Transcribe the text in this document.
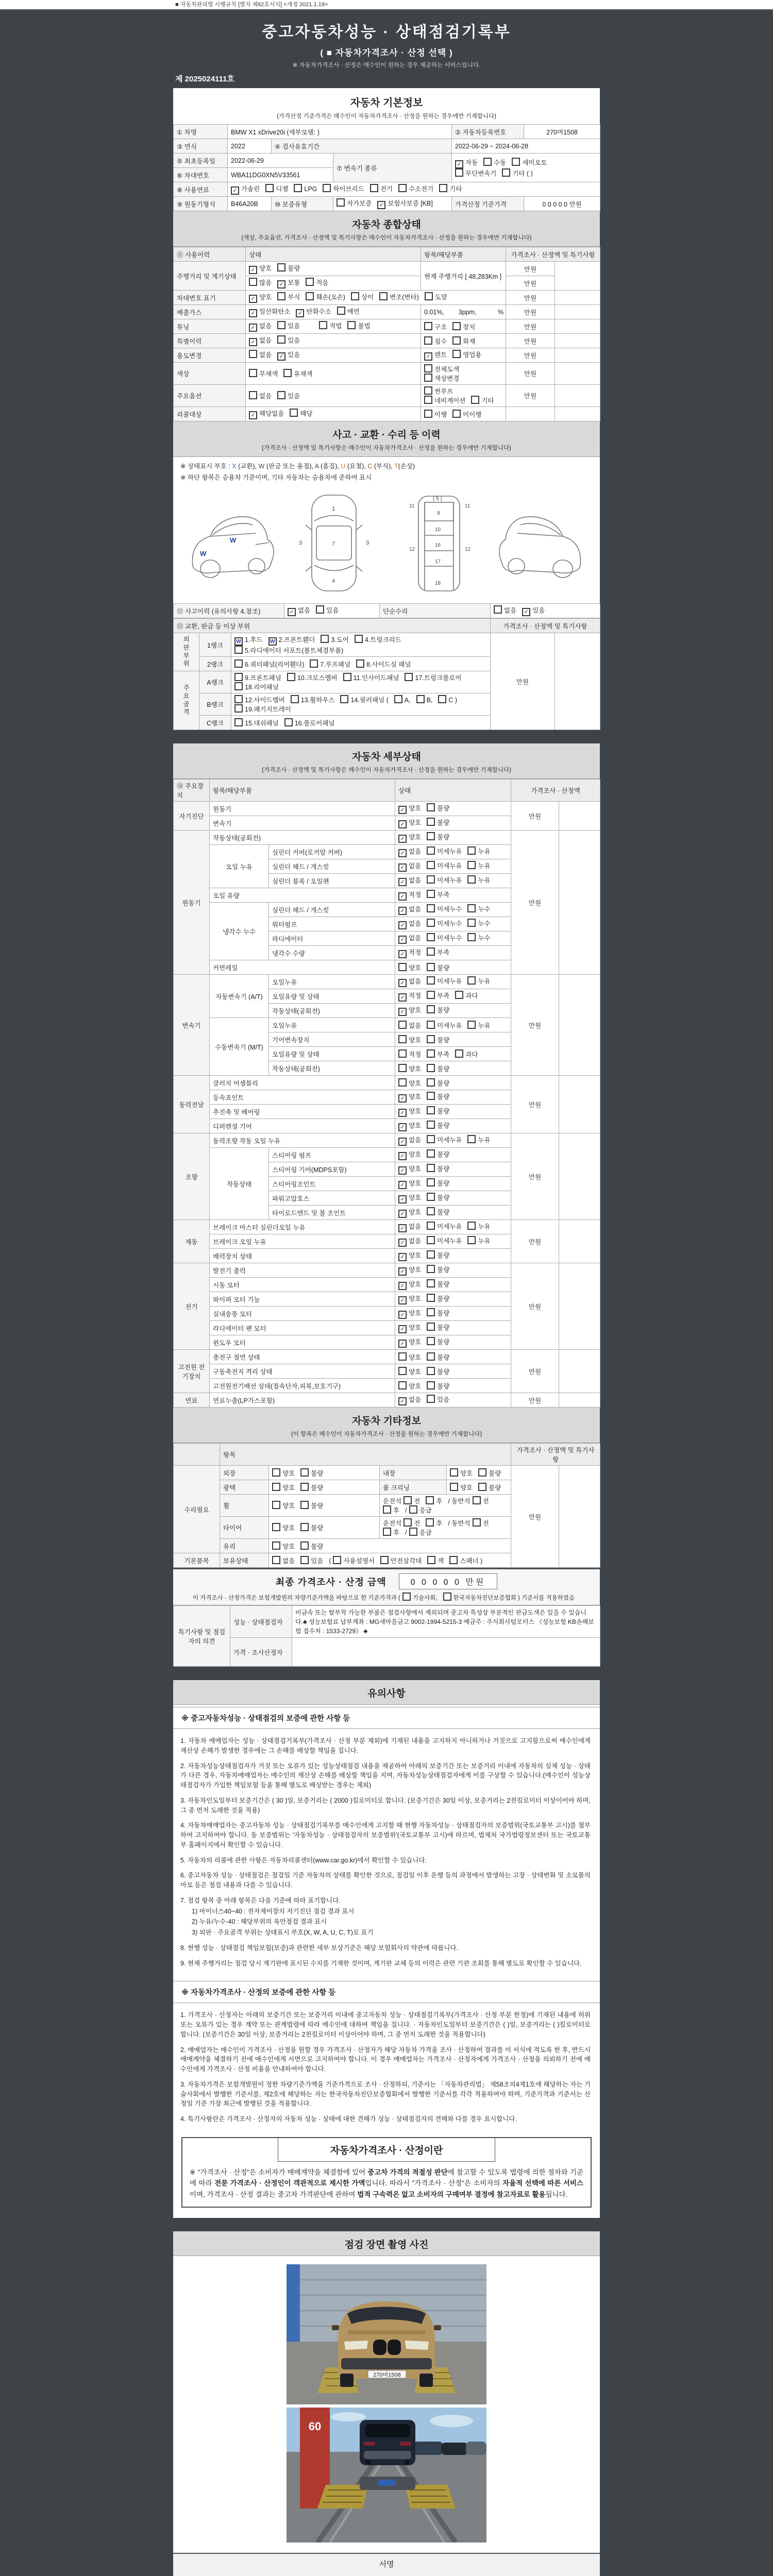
■ 자동차관리법 시행규칙 [별지 제82호서식] <개정 2021.1.19>
중고자동차성능 · 상태점검기록부
( ■ 자동차가격조사 · 산정 선택 )
※ 자동차가격조사 · 산정은 매수인이 원하는 경우 제공하는 서비스입니다.
제 2025024111호
자동차 기본정보
(가격산정 기준가격은 매수인이 자동차가격조사 · 산정을 원하는 경우에만 기재합니다)
① 차명	BMW X1 xDrive20i (세부모델: )			② 자동차등록번호	270머1508
③ 연식	2022	④ 검사유효기간		2022-06-29 ~ 2024-06-28	
⑤ 최초등록일	2022-06-29		⑦ 변속기 종류	✓ 자동 수동 세미오토
무단변속기 기타 ( )	

⑥ 차대번호	WBA11DG0XN5V33561				
⑧ 사용연료	✓ 가솔린 디젤 LPG 하이브리드 전기 수소전기 기타				
⑨ 원동기형식	B46A20B	⑩ 보증유형	자가보증 ✓ 보험사보증 [KB]	가격산정 기준가격	0 0 0 0 0 만원
자동차 종합상태
(색상, 주요옵션, 가격조사 · 산정액 및 특기사항은 매수인이 자동차가격조사 · 산정을 원하는 경우에만 기재합니다)
⑪ 사용이력	상태	항목/해당부품	가격조사 · 산정액 및 특기사항	
주행거리 및 계기상태	✓ 양호 불량	현재 주행거리 [ 48,283Km ]	만원	
	많음 ✓ 보통 적음		만원	
차대번호 표기	✓ 양호 부식 훼손(오손) 상이 변조(변타) 도말		만원	
배출가스	✓ 일산화탄소 ✓ 탄화수소 매연	0.01%,        3ppm,            %	만원	
튜닝	✓ 없음 있음 적법 불법	구조 장치	만원	
특별이력	✓ 없음 있음	침수 화재	만원	
용도변경	없음 ✓ 있음	✓ 렌트 영업용	만원	
색상	무채색 유채색	전체도색색상변경	만원	
주요옵션	없음 있음	썬루프네비게이션 기타	만원	
리콜대상	✓ 해당없음 해당	이행 미이행		
사고 · 교환 · 수리 등 이력
(가격조사 · 산정액 및 특기사항은 매수인이 자동차가격조사 · 산정을 원하는 경우에만 기재합니다)
※ 상태표시 부호 : X (교환), W (판금 또는 용접), A (흠집), U (요철), C (부식), T(손상)
※ 하단 항목은 승용차 기준이며, 기타 자동차는 승용차에 준하여 표시
W
W
1
7
4
3	3
11
( 5 )
11
9
10
16
17
12	12
18
⑫ 사고이력 (유의사항 4.참조)	✓ 없음 있음	단순수리	없음 ✓ 있음
⑬ 교환, 판금 등 이상 부위			가격조사 · 산정액 및 특기사항	

외판부위	1랭크	W 1.후드 W 2.프론트휀더 3.도어 4.트렁크리드5.라디에이터 서포트(볼트체결부품)	만원	
	2랭크	6.쿼터패널(리어휀다) 7.루프패널 8.사이드실 패널		

주요골격	A랭크	9.프론트패널 10.크로스멤버 11.인사이드패널 17.트렁크플로어18.리어패널		
	B랭크	12.사이드멤버 13.휠하우스 14.필러패널 ( A, B, C )19.패키지트레이		
	C랭크	15.대쉬패널 16.플로어패널		
자동차 세부상태
(가격조사 · 산정액 및 특기사항은 매수인이 자동차가격조사 · 산정을 원하는 경우에만 기재합니다)
⑭ 주요장치	항목/해당부품		상태	가격조사 · 산정액	
자기진단	원동기		✓ 양호 불량	만원	
	변속기		✓ 양호 불량		
원동기	작동상태(공회전)		✓ 양호 불량	만원	
	오일 누유	실린더 커버(로커암 커버)	✓ 없음 미세누유 누유		
		실린더 헤드 / 개스킷	✓ 없음 미세누유 누유		
		실린더 블록 / 오일팬	✓ 없음 미세누유 누유		
	오일 유량		✓ 적정 부족		
	냉각수 누수	실린더 헤드 / 개스킷	✓ 없음 미세누수 누수		
		워터펌프	✓ 없음 미세누수 누수		
		라디에이터	✓ 없음 미세누수 누수		
		냉각수 수량	✓ 적정 부족		
	커먼레일		양호 불량		
변속기	자동변속기 (A/T)	오일누유	✓ 없음 미세누유 누유	만원	
		오일유량 및 상태	✓ 적정 부족 과다		
		작동상태(공회전)	✓ 양호 불량		
	수동변속기 (M/T)	오일누유	없음 미세누유 누유		
		기어변속장치	양호 불량		
		오일유량 및 상태	적정 부족 과다		
		작동상태(공회전)	양호 불량		
동력전달	클러치 어셈블리		양호 불량	만원	
	등속죠인트		✓ 양호 불량		
	추진축 및 베어링		✓ 양호 불량		
	디퍼렌셜 기어		✓ 양호 불량		
조향	동력조향 작동 오일 누유		✓ 없음 미세누유 누유	만원	
	작동상태	스티어링 펌프	✓ 양호 불량		
		스티어링 기어(MDPS포함)	✓ 양호 불량		
		스티어링조인트	✓ 양호 불량		
		파워고압호스	✓ 양호 불량		
		타이로드엔드 및 볼 조인트	✓ 양호 불량		
제동	브레이크 마스터 실린더오일 누유		✓ 없음 미세누유 누유	만원	
	브레이크 오일 누유		✓ 없음 미세누유 누유		
	배력장치 상태		✓ 양호 불량		
전기	발전기 출력		✓ 양호 불량	만원	
	시동 모터		✓ 양호 불량		
	와이퍼 모터 기능		✓ 양호 불량		
	실내송풍 모터		✓ 양호 불량		
	라디에이터 팬 모터		✓ 양호 불량		
	윈도우 모터		✓ 양호 불량		
고전원 전기장치	충전구 절연 상태		양호 불량	만원	
	구동축전지 격리 상태		양호 불량		
	고전원전기배선 상태(접속단자,피복,보호기구)		양호 불량		
연료	연료누출(LP가스포함)		✓ 없음 있음	만원	
자동차 기타정보
(이 항목은 매수인이 자동차가격조사 · 산정을 원하는 경우에만 기재합니다)
	항목				가격조사 · 산정액 및 특기사항	
수리필요	외장	양호 불량	내장	양호 불량	만원	
	광택	양호 불량	룸 크리닝	양호 불량		
	휠	양호 불량	운전석 전 후 / 동반석 전후 / 응급			
	타이어	양호 불량	운전석 전 후 / 동반석 전후 / 응급			
	유리	양호 불량				
기본품목	보유상태	없음 있음 ( 사용설명서 안전삼각대 잭 스패너 )				
최종 가격조사 · 산정 금액	0 0 0 0 0 만원
이 가격조사 · 산정가격은 보험개발원의 차량기준가액을 바탕으로 한 기준가격과 ( 기술사회,	한국자동차진단보증협회 ) 기준서를 적용하였음
특기사항 및 점검자의 의견	성능 · 상태점검자	비금속 또는 탈부착 가능한 부품은 점검사항에서 제외되며 중고차 특성상 부분적인 판금도색은 있을 수 있습니다.♣ 성능보험료 납부계좌 : MG새마을금고 9002-1994-5215-3 예금주 : 주식회사텀모터스 《성능보험 KB손해보험 접수처 : 1533-2729》 ♣
	가격 · 조사산정자	
유의사항
※ 중고자동차성능 · 상태점검의 보증에 관한 사항 등
1. 자동차 매매업자는 성능 · 상태점검기록부(가격조사 · 산정 부분 제외)에 기재된 내용을 고지하지 아니하거나 거짓으로 고지함으로써 매수인에게 재산상 손해가 발생한 경우에는 그 손해를 배상할 책임을 집니다.
2. 자동차성능상태점검자가 거짓 또는 오류가 있는 성능상태점검 내용을 제공하여 아래의 보증기간 또는 보증거리 이내에 자동차의 실제 성능 · 상태가 다른 경우, 자동차매매업자는 매수인의 재산상 손해를 배상할 책임을 지며, 자동차성능상태점검자에게 이를 구상할 수 있습니다.(매수인이 성능상태점검자가 가입한 책임보험 등을 통해 별도로 배상받는 경우는 제외)
3. 자동차인도일부터 보증기간은 ( 30 )일, 보증거리는 ( 2000 )킬로미터로 합니다. (보증기간은 30일 이상, 보증거리는 2천킬로미터 이상이어야 하며, 그 중 먼저 도래한 것을 적용)
4. 자동차매매업자는 중고자동차 성능 · 상태점검기록부를 매수인에게 고지할 때 현행 자동차성능 · 상태점검자의 보증범위(국토교통부 고시)를 첨부하여 고지하여야 합니다. 동 보증범위는 '자동차성능 · 상태점검자의 보증범위'(국토교통부 고시)에 따르며, 법제처 국가법령정보센터 또는 국토교통부 홈페이지에서 확인할 수 있습니다.
5. 자동차의 리콜에 관한 사항은 자동차리콜센터(www.car.go.kr)에서 확인할 수 있습니다.
6. 중고자동차 성능 · 상태점검은 점검일 기준 자동차의 상태를 확인한 것으로, 점검일 이후 운행 등의 과정에서 발생하는 고장 · 상태변화 및 소모품의 마모 등은 점검 내용과 다를 수 있습니다.
7. 점검 항목 중 아래 항목은 다음 기준에 따라 표기합니다.
1) 마이너스40~40 : 전자제어장치 자기진단 점검 결과 표시
2) 누유/누수-40 : 해당부위의 육안점검 결과 표시
3) 외판 · 주요골격 부위는 상태표시 부호(X, W, A, U, C, T)로 표기
8. 현행 성능 · 상태점검 책임보험(보증)과 관련한 세부 보상기준은 해당 보험회사의 약관에 따릅니다.
9. 현재 주행거리는 점검 당시 계기판에 표시된 수치를 기재한 것이며, 계기판 교체 등의 이력은 관련 기관 조회를 통해 별도로 확인할 수 있습니다.
※ 자동차가격조사 · 산정의 보증에 관한 사항 등
1. 가격조사 · 산정자는 아래의 보증기간 또는 보증거리 이내에 중고자동차 성능 · 상태점검기록부(가격조사 · 산정 부분 한정)에 기재된 내용에 허위 또는 오류가 있는 경우 계약 또는 관계법령에 따라 매수인에 대하여 책임을 집니다. · 자동차인도일부터 보증기간은 ( )일, 보증거리는 ( )킬로미터로 합니다. (보증기간은 30일 이상, 보증거리는 2천킬로미터 이상이어야 하며, 그 중 먼저 도래한 것을 적용합니다)
2. 매매업자는 매수인이 가격조사 · 산정을 원할 경우 가격조사 · 산정자가 해당 자동차 가격을 조사 · 산정하여 결과를 이 서식에 적도록 한 후, 반드시 매매계약을 체결하기 전에 매수인에게 서면으로 고지하여야 합니다. 이 경우 매매업자는 가격조사 · 산정자에게 가격조사 · 산정을 의뢰하기 전에 매수인에게 가격조사 · 산정 비용을 안내하여야 합니다.
3. 자동차가격은 보험개발원이 정한 차량기준가액을 기준가격으로 조사 · 산정하되, 기준서는 「자동차관리법」 제58조의4제1호에 해당하는 자는 기술사회에서 발행한 기준서를, 제2호에 해당하는 자는 한국자동차진단보증협회에서 발행한 기준서를 각각 적용하여야 하며, 기준가격과 기준서는 산정일 기준 가장 최근에 발행된 것을 적용합니다.
4. 특기사항란은 가격조사 · 산정자의 자동차 성능 · 상태에 대한 견해가 성능 · 상태점검자의 견해와 다를 경우 표시합니다.
자동차가격조사 · 산정이란
※ "가격조사 · 산정"은 소비자가 매매계약을 체결함에 있어 중고차 가격의 적절성 판단에 참고할 수 있도록 법령에 의한 절차와 기준에 따라 전문 가격조사 · 산정인이 객관적으로 제시한 가액입니다. 따라서 "가격조사 · 산정"은 소비자의 자율적 선택에 따른 서비스이며, 가격조사 · 산정 결과는 중고차 가격판단에 관하여 법적 구속력은 없고 소비자의 구매여부 결정에 참고자료로 활용됩니다.
점검 장면 촬영 사진
270머1508
60
서명
